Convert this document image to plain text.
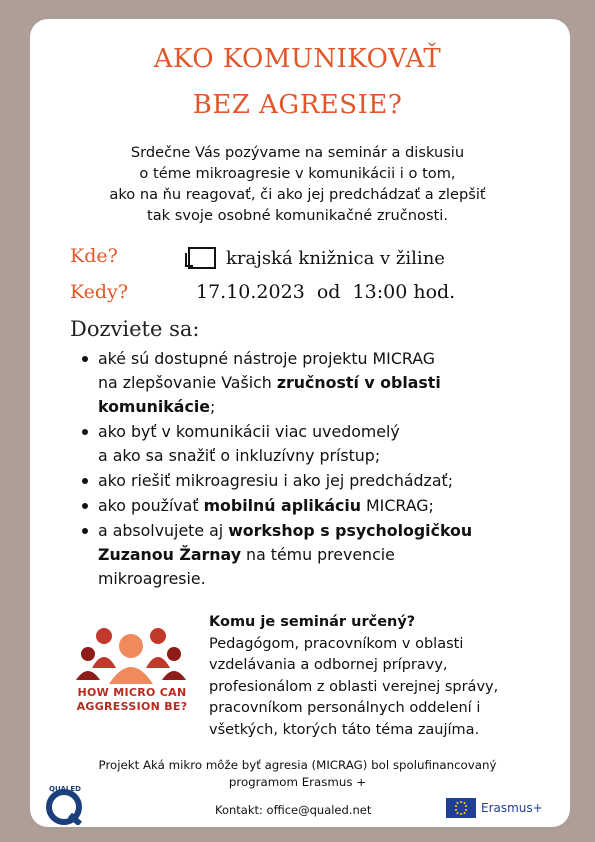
AKO KOMUNIKOVAŤ
BEZ AGRESIE?
Srdečne Vás pozývame na seminár a diskusiu
o téme mikroagresie v komunikácii i o tom,
ako na ňu reagovať, či ako jej predchádzať a zlepšiť
tak svoje osobné komunikačné zručnosti.
Kde?	krajská knižnica v žiline
Kedy?	17.10.2023  od  13:00 hod.
Dozviete sa:
aké sú dostupné nástroje projektu MICRAG
na zlepšovanie Vašich zručností v oblasti
komunikácie;
ako byť v komunikácii viac uvedomelý
a ako sa snažiť o inkluzívny prístup;
ako riešiť mikroagresiu i ako jej predchádzať;
ako používať mobilnú aplikáciu MICRAG;
a absolvujete aj workshop s psychologičkou
Zuzanou Žarnay na tému prevencie
mikroagresie.
HOW MICRO CAN
AGGRESSION BE?
Komu je seminár určený?
Pedagógom, pracovníkom v oblasti
vzdelávania a odbornej prípravy,
profesionálom z oblasti verejnej správy,
pracovníkom personálnych oddelení i
všetkých, ktorých táto téma zaujíma.
Projekt Aká mikro môže byť agresia (MICRAG) bol spolufinancovaný
programom Erasmus +
QUALED
Kontakt: office@qualed.net	Erasmus+
